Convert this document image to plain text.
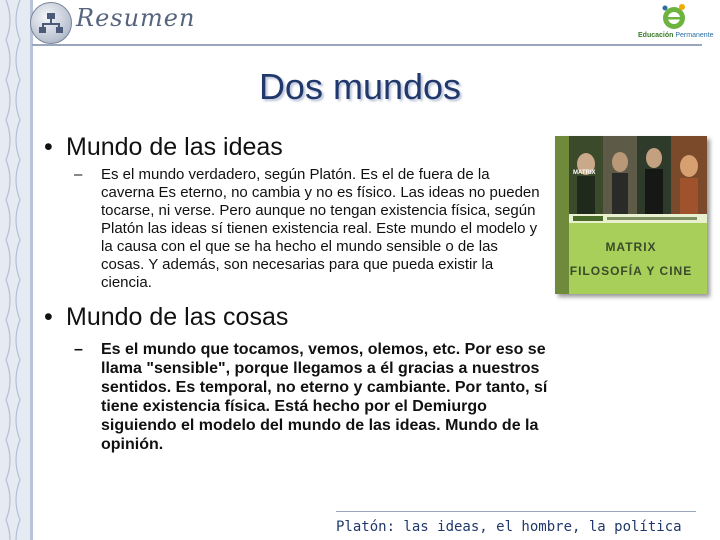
Resumen
Educación Permanente
Dos mundos
• Mundo de las ideas
–	Es el mundo verdadero, según Platón. Es el de fuera de la caverna Es eterno, no cambia y no es físico. Las ideas no pueden tocarse, ni verse. Pero aunque no tengan existencia física, según Platón las ideas sí tienen existencia real. Este mundo el modelo y la causa con el que se ha hecho el mundo sensible o de las cosas. Y además, son necesarias para que pueda existir la ciencia.
MATRIX
MATRIX
FILOSOFÍA Y CINE
• Mundo de las cosas
–	Es el mundo que tocamos, vemos, olemos, etc. Por eso se llama "sensible", porque llegamos a él gracias a nuestros sentidos. Es temporal, no eterno y cambiante. Por tanto, sí tiene existencia física. Está hecho por el Demiurgo siguiendo el modelo del mundo de las ideas. Mundo de la opinión.
Platón: las ideas, el hombre, la política
